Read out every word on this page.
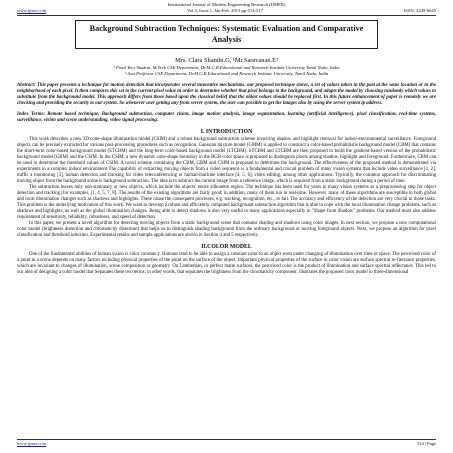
International Journal of Modern Engineering Research (IJMER)
www.ijmer.com	Vol.3, Issue.1, Jan-Feb. 2013 pp-514-517	ISSN: 2249-6645
Background Subtraction Techniques: Systematic Evaluation and Comparative Analysis
Mrs. Clara Shanthi.G, ¹Mr.Saravanan.E²
¹ Final Year Student, M.Tech CSE Department, Dr.M.G.R.Educational and Research Institute University Tamil Nadu, India
² Asst.Professor CSE Department, Dr.M.G.R.Educational and Research Institute University, Tamil Nadu, India
Abstract: This paper presents a technique for motion detection that incorporates several innovative mechanisms. our proposed technique stores, a set of values taken in the past at the same location or in the neighborhood of each pixel. It then compares this set to the current pixel value in order to determine whether that pixel belongs to the background, and adapts the model by choosing randomly which values to substitute from the background model. This approach differs from those based upon the classical belief that the oldest values should be replaced first. In this future enhancement of paper is remotely we are checking and providing the security to our system. So whenever user getting any from server system, the user can possible to get the images also by using the server system ip address.
Index Terms: Remote based technique, Background subtraction, computer vision, image motion analysis, image segmentation, learning (artificial intelligence), pixel classification, real-time systems, surveillance, vision and scene understanding, video signal processing.
I. INTRODUCTION

This work describes a new 3D cone-shape illumination model (CSIM) and a robust background subtraction scheme involving shadow and highlight removal for indoor-environmental surveillance. Foreground objects can be precisely extracted for various post-processing procedures such as recognition. Gaussian mixture model (GMM) is applied to construct a color-based probabilistic background model (CBM) that contains the short-term color-based background model (STCBM) and the long-term color-based background model (LTCBM). STCBM and LTCBM are then proposed to build the gradient-based version of the probabilistic background model (GBM) and the CSIM. In the CSIM, a new dynamic cone-shape boundary in the RGB color space is proposed to distinguish pixels among shadow, highlight and foreground. Furthermore, CBM can be used to determine the threshold values of CSIM. A novel scheme combining the CBM, GBM and CSIM is proposed to determine the background. The effectiveness of the proposed method is demonstrated via experiments in a complex indoor environment The capability of extracting moving objects from a video sequence is a fundamental and crucial problem of many vision systems that include video surveillance [1, 2], traffic a monitoring [3], human detection and tracking for video teleconferencing or human-machine interface [4, 5, 6], video editing, among other applications. Typically, the common approach for discriminating moving object from the background scene is background subtraction. The idea is to subtract the current image from a reference image, which is acquired from a static background during a period of time.

The subtraction leaves only non-stationary or new objects, which include the objects' entire silhouette region. The technique has been used for years in many vision systems as a preprocessing step for object detection and tracking [for examples, [1, 4, 5, 7, 8]. The results of the existing algorithms are fairly good; in addition, many of them run in real-time. However, many of these algorithms are susceptible to both global and local illumination changes such as shadows and highlights. These cause the consequent processes, e.g. tracking, recognition, etc., to fail. The accuracy and efficiency of the detection are very crucial to those tasks. This problem is the underlying motivation of this work. We want to develop a robust and efficiently computed background subtraction algorithm that is able to cope with the local illumination change problems, such as shadows and highlights, as well as the global illumination changes. Being able to detect shadows is also very useful to many applications especially in "Shape from Shadow" problems. Our method must also address requirement of sensitivity, reliability, robustness, and speed of detection.

In this paper, we present a novel algorithm for detecting moving objects from a static background scene that contains shading and shadows using color images. In next section, we propose a new computational color model (brightness distortion and chromaticity distortion) that helps us to distinguish shading background from the ordinary background or moving foreground objects. Next, we propose an algorithm for pixel classification and threshold selection. Experimental results and sample applications are shown in Section 4 and 5 respectively.

II.COLOR MODEL

One of the fundamental abilities of human vision is color constancy. Humans tend to be able to assign a constant color to an object even under changing of illumination over time or space. The perceived color of a point in a scene depends on many factors including physical properties of the point on the surface of the object. Important physical properties of the surface in color vision are surface spectral re-flectance properties, which are invariant to changes of illumination, scene composition or geometry. On Lambertian, or perfect matte surfaces, the perceived color is the product of illumination and surface spectral reflectance. This led to our idea of designing a color model that Separates these two terms; in other words, that separates the brightness from the chromaticity component. illustrates the proposed color model in three-dimensional

www.ijmer.com	514 | Page
